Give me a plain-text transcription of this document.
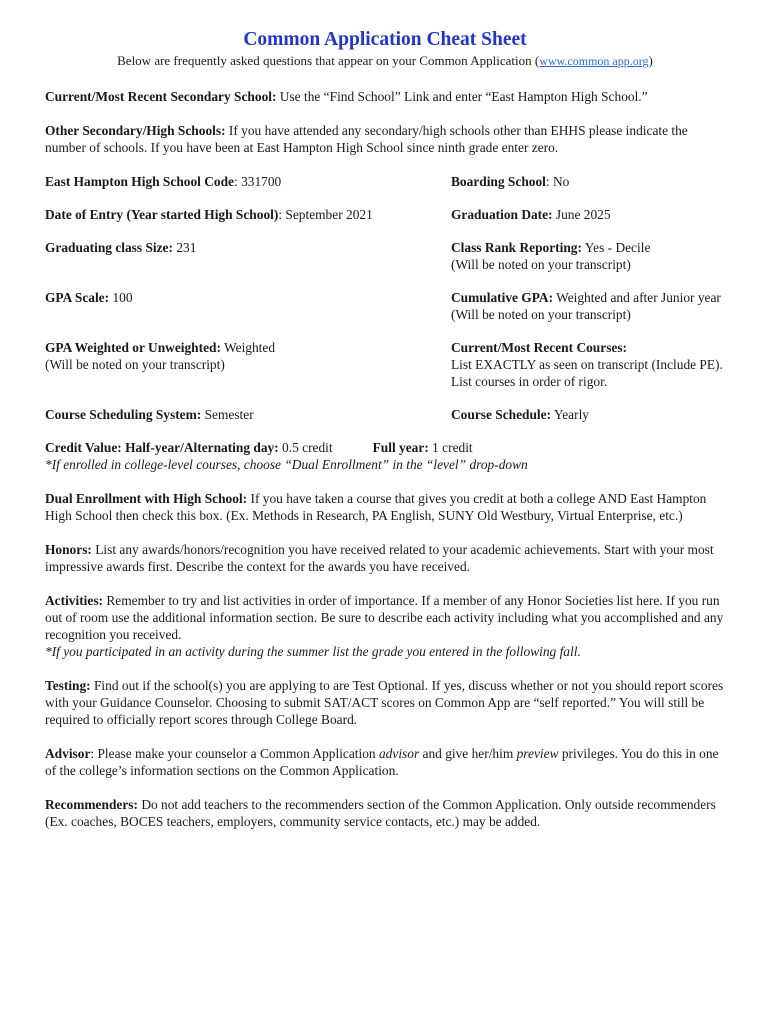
Common Application Cheat Sheet

Below are frequently asked questions that appear on your Common Application (www.common app.org)

Current/Most Recent Secondary School: Use the “Find School” Link and enter “East Hampton High School.”

Other Secondary/High Schools: If you have attended any secondary/high schools other than EHHS please indicate the number of schools. If you have been at East Hampton High School since ninth grade enter zero.

East Hampton High School Code: 331700	Boarding School: No
Date of Entry (Year started High School): September 2021	Graduation Date: June 2025
Graduating class Size: 231	Class Rank Reporting: Yes - Decile
(Will be noted on your transcript)
GPA Scale: 100	Cumulative GPA: Weighted and after Junior year (Will be noted on your transcript)
GPA Weighted or Unweighted: Weighted
(Will be noted on your transcript)
Current/Most Recent Courses:
List EXACTLY as seen on transcript (Include PE). List courses in order of rigor.
Course Scheduling System: Semester	Course Schedule: Yearly

Credit Value: Half-year/Alternating day: 0.5 credit	Full year: 1 credit
*If enrolled in college-level courses, choose “Dual Enrollment” in the “level” drop-down

Dual Enrollment with High School: If you have taken a course that gives you credit at both a college AND East Hampton High School then check this box. (Ex. Methods in Research, PA English, SUNY Old Westbury, Virtual Enterprise, etc.)

Honors: List any awards/honors/recognition you have received related to your academic achievements. Start with your most impressive awards first. Describe the context for the awards you have received.

Activities: Remember to try and list activities in order of importance. If a member of any Honor Societies list here. If you run out of room use the additional information section. Be sure to describe each activity including what you accomplished and any recognition you received.
*If you participated in an activity during the summer list the grade you entered in the following fall.

Testing: Find out if the school(s) you are applying to are Test Optional. If yes, discuss whether or not you should report scores with your Guidance Counselor. Choosing to submit SAT/ACT scores on Common App are “self reported.” You will still be required to officially report scores through College Board.

Advisor: Please make your counselor a Common Application advisor and give her/him preview privileges. You do this in one of the college’s information sections on the Common Application.

Recommenders: Do not add teachers to the recommenders section of the Common Application. Only outside recommenders (Ex. coaches, BOCES teachers, employers, community service contacts, etc.) may be added.
